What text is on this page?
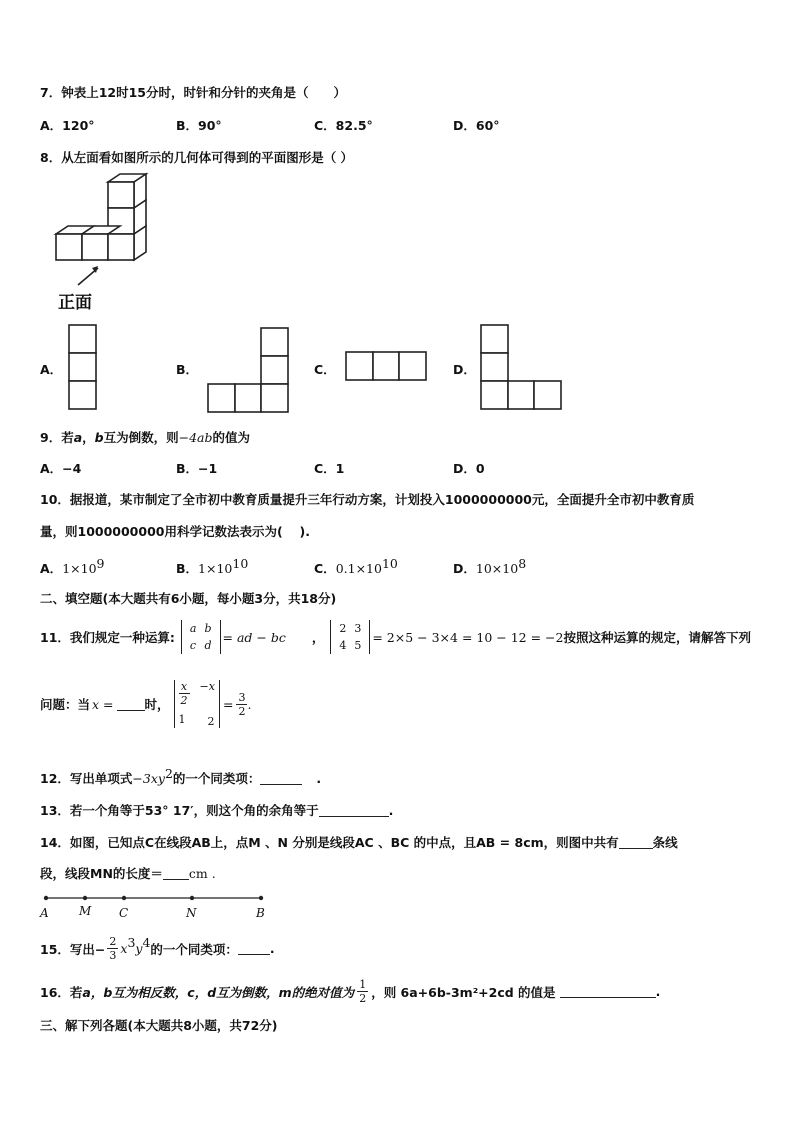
7．钟表上12时15分时，时针和分针的夹角是（　　）
A．120°	B．90°	C．82.5°	D．60°
8．从左面看如图所示的几何体可得到的平面图形是（ ）
正面
A．	B．	C．	D．
9．若a，b互为倒数，则−4ab的值为
A．−4	B．−1	C．1	D．0
10．据报道，某市制定了全市初中教育质量提升三年行动方案，计划投入1000000000元，全面提升全市初中教育质
量，则1000000000用科学记数法表示为(　 ).
A．$1\times 10^9$	B．$1\times 10^{10}$	C．$0.1\times 10^{10}$	D．$10\times 10^8$
二、填空题(本大题共有6小题，每小题3分，共18分)
11．我们规定一种运算:
a	b
c	d
= ad − bc ，
2	3
4	5
= 2×5 − 3×4 = 10 − 12 = −2 按照这种运算的规定，请解答下列
问题：当 x = 时， $\frac{x}{2} -x$
1 2
= $\frac{3}{2}$ .
12．写出单项式$-3xy^2$的一个同类项：	.
13．若一个角等于53° 17′，则这个角的余角等于	.
14．如图，已知点C在线段AB上，点M 、N 分别是线段AC 、BC 的中点，且AB = 8cm，则图中共有	条线
段，线段MN的长度＝ cm .
A	M C	N	B
15．写出− $\frac{2}{3}$ x 3 y 4 的一个同类项：	.
16．若 a，b互为相反数，c，d互为倒数，m的绝对值为 $\frac{1}{2}$ ，则 6a+6b-3m²+2cd 的值是	.
三、解下列各题(本大题共8小题，共72分)
